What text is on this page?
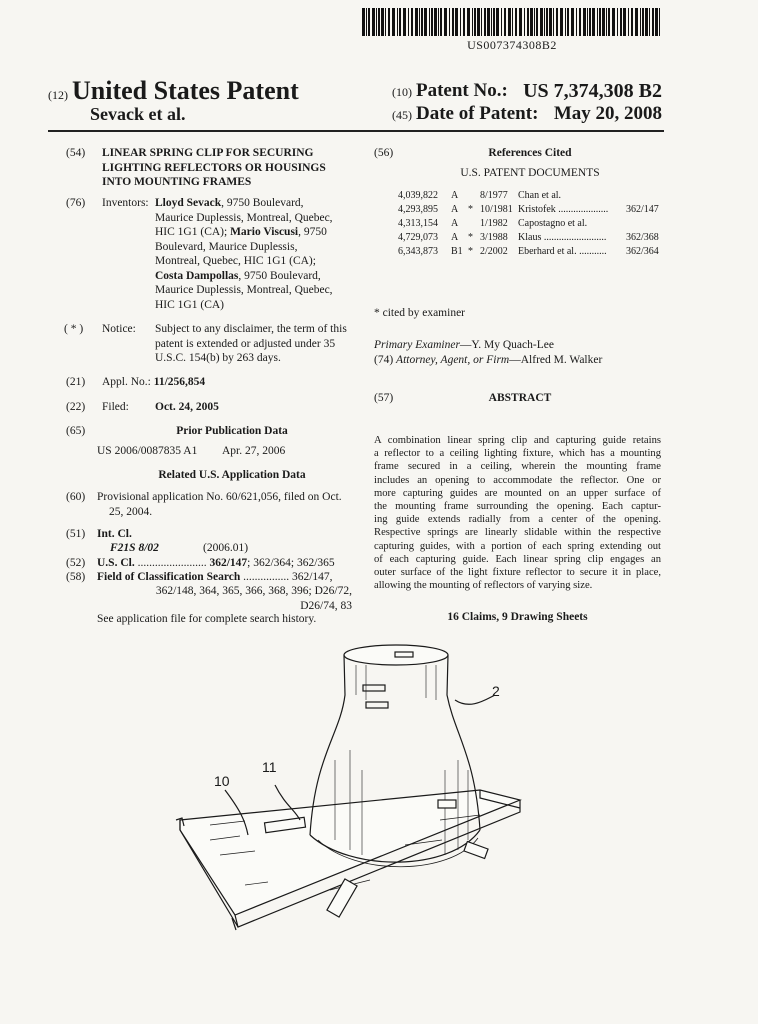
US007374308B2
(12) United States Patent
Sevack et al.
(10) Patent No.: US 7,374,308 B2
(45) Date of Patent: May 20, 2008
(54) LINEAR SPRING CLIP FOR SECURING
LIGHTING REFLECTORS OR HOUSINGS
INTO MOUNTING FRAMES
(76) Inventors: Lloyd Sevack, 9750 Boulevard,
Maurice Duplessis, Montreal, Quebec,
HIC 1G1 (CA); Mario Viscusi, 9750
Boulevard, Maurice Duplessis,
Montreal, Quebec, HIC 1G1 (CA);
Costa Dampollas, 9750 Boulevard,
Maurice Duplessis, Montreal, Quebec,
HIC 1G1 (CA)
( * ) Notice: Subject to any disclaimer, the term of this
patent is extended or adjusted under 35
U.S.C. 154(b) by 263 days.
(21) Appl. No.: 11/256,854
(22) Filed: Oct. 24, 2005
(65)	Prior Publication Data
US 2006/0087835 A1 Apr. 27, 2006
Related U.S. Application Data
(60) Provisional application No. 60/621,056, filed on Oct.
25, 2004.
(51) Int. Cl.
F21S 8/02	(2006.01)
(52) U.S. Cl. ........................ 362/147; 362/364; 362/365
(58) Field of Classification Search ................ 362/147,
362/148, 364, 365, 366, 368, 396; D26/72,
D26/74, 83
See application file for complete search history.
(56)	References Cited
U.S. PATENT DOCUMENTS
4,039,822 A 8/1977 Chan et al.
4,293,895 A * 10/1981 Kristofek .................... 362/147
4,313,154 A 1/1982 Capostagno et al.
4,729,073 A * 3/1988 Klaus ......................... 362/368
6,343,873 B1 * 2/2002 Eberhard et al. ........... 362/364
* cited by examiner
Primary Examiner—Y. My Quach-Lee
(74) Attorney, Agent, or Firm—Alfred M. Walker
(57)	ABSTRACT
A combination linear spring clip and capturing guide retains
a reflector to a ceiling lighting fixture, which has a mounting
frame secured in a ceiling, wherein the mounting frame
includes an opening to accommodate the reflector. One or
more capturing guides are mounted on an upper surface of
the mounting frame surrounding the opening. Each captur-
ing guide extends radially from a center of the opening.
Respective springs are linearly slidable within the respective
capturing guides, with a portion of each spring extending out
of each capturing guide. Each linear spring clip engages an
outer surface of the light fixture reflector to secure it in place,
allowing the mounting of reflectors of varying size.
16 Claims, 9 Drawing Sheets
2
11
10
